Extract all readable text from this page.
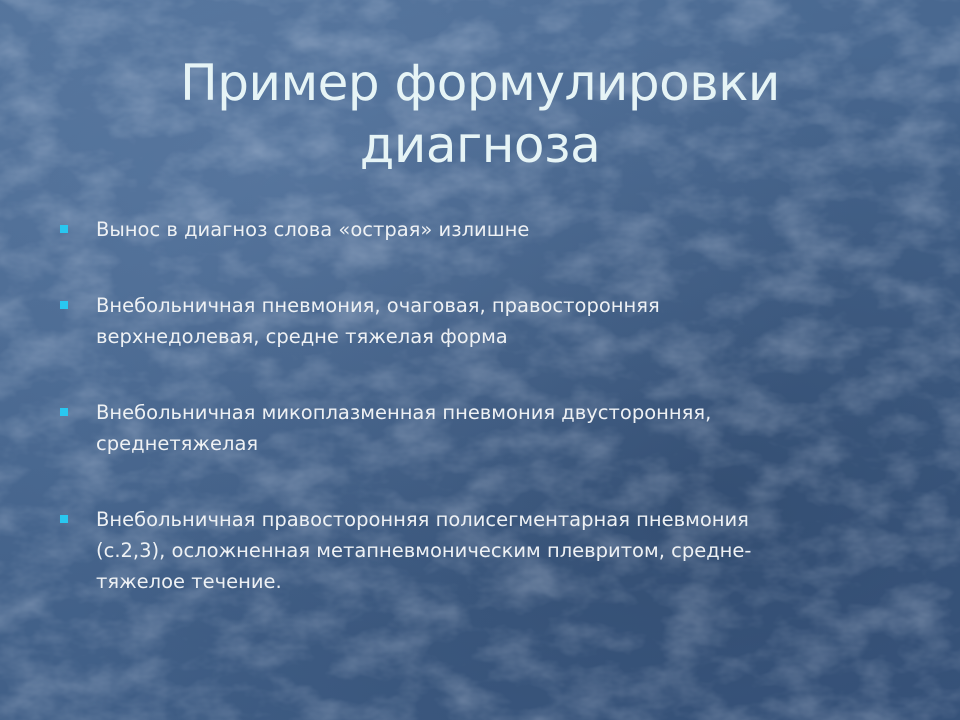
Пример формулировки
диагноза
Вынос в диагноз слова «острая» излишне
Внебольничная пневмония, очаговая, правосторонняя
верхнедолевая, средне тяжелая форма
Внебольничная микоплазменная пневмония двусторонняя,
среднетяжелая
Внебольничная правосторонняя полисегментарная пневмония
(с.2,3), осложненная метапневмоническим плевритом, средне-
тяжелое течение.
